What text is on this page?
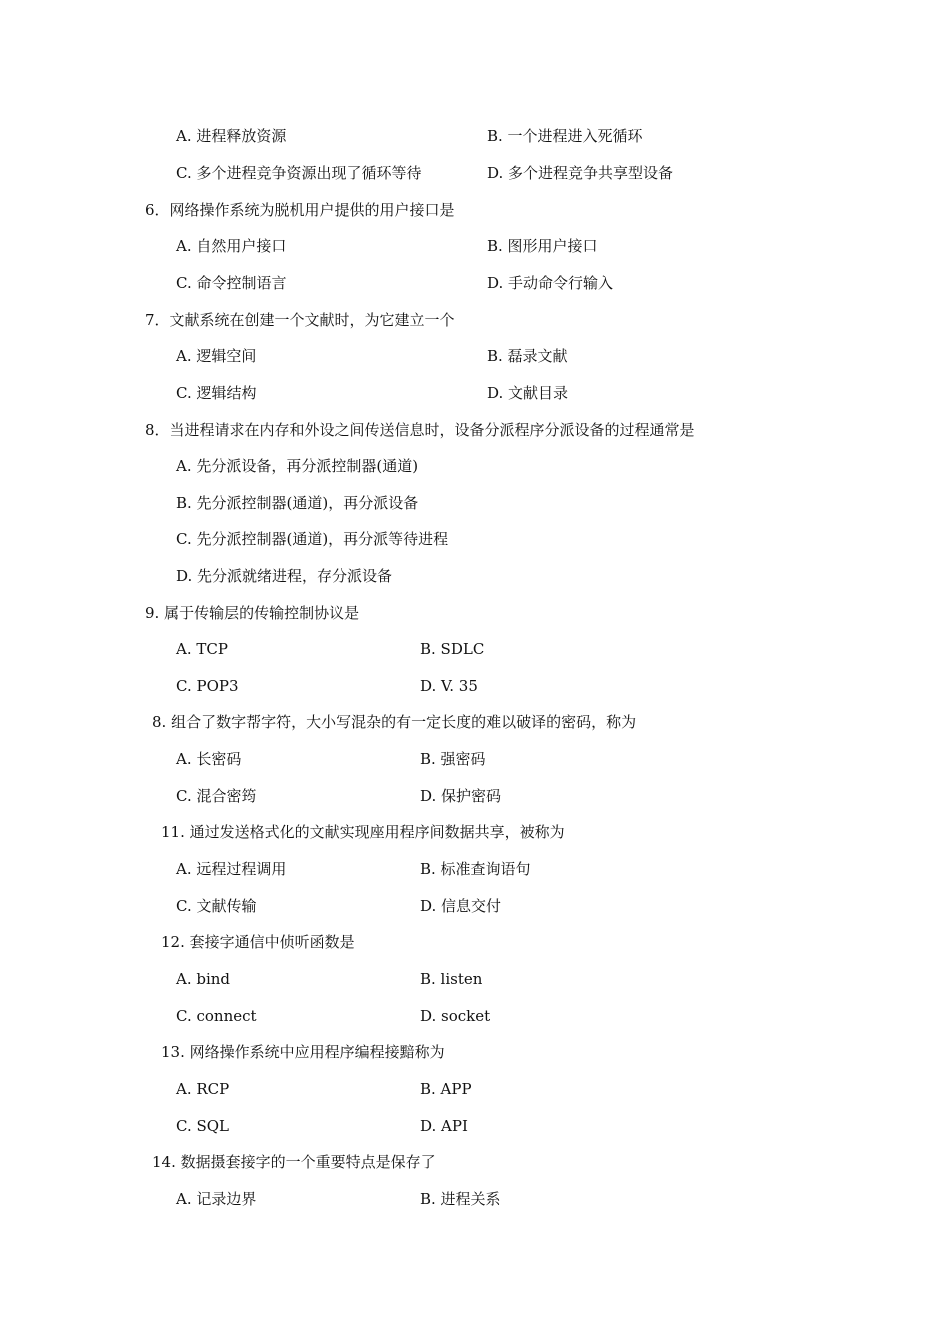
A. 进程释放资源	B. 一个进程进入死循环
C. 多个进程竞争资源出现了循环等待	D. 多个进程竞争共享型设备
6．网络操作系统为脱机用户提供的用户接口是
A. 自然用户接口	B. 图形用户接口
C. 命令控制语言	D. 手动命令行输入
7．文献系统在创建一个文献时，为它建立一个
A. 逻辑空间	B. 磊录文献
C. 逻辑结构	D. 文献目录
8．当进程请求在内存和外设之间传送信息时，设备分派程序分派设备的过程通常是
A. 先分派设备，再分派控制器(通道)
B. 先分派控制器(通道)，再分派设备
C. 先分派控制器(通道)，再分派等待进程
D. 先分派就绪进程，存分派设备
9. 属于传输层的传输控制协议是
A. TCP	B. SDLC
C. POP3	D. V. 35
8. 组合了数字帮字符，大小写混杂的有一定长度的难以破译的密码，称为
A. 长密码	B. 强密码
C. 混合密筠	D. 保护密码
11. 通过发送格式化的文献实现座用程序间数据共享，被称为
A. 远程过程调用	B. 标准查询语句
C. 文献传输	D. 信息交付
12. 套接字通信中侦听函数是
A. bind	B. listen
C. connect	D. socket
13. 网络操作系统中应用程序编程接黯称为
A. RCP	B. APP
C. SQL	D. API
14. 数据摄套接字的一个重要特点是保存了
A. 记录边界	B. 进程关系
